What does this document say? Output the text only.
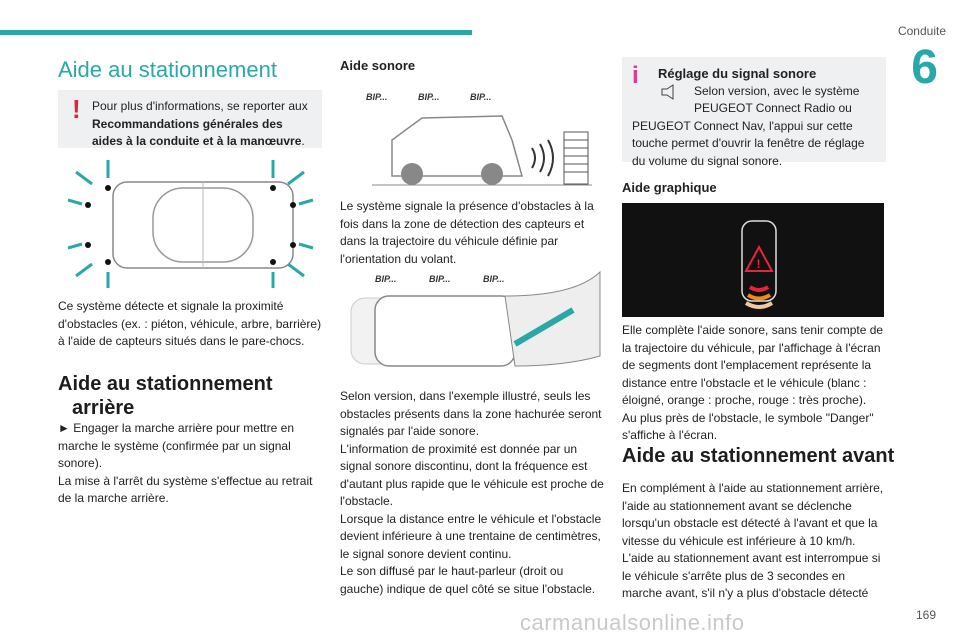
Conduite
6
Aide au stationnement
! Pour plus d'informations, se reporter aux Recommandations générales des aides à la conduite et à la manœuvre.
Ce système détecte et signale la proximité d'obstacles (ex. : piéton, véhicule, arbre, barrière) à l'aide de capteurs situés dans le pare-chocs.
Aide au stationnement
arrière

► Engager la marche arrière pour mettre en marche le système (confirmée par un signal sonore).

La mise à l'arrêt du système s'effectue au retrait de la marche arrière.

Aide sonore
BIP...	BIP...	BIP...
Le système signale la présence d'obstacles à la fois dans la zone de détection des capteurs et dans la trajectoire du véhicule définie par l'orientation du volant.
BIP...	BIP...	BIP...

Selon version, dans l'exemple illustré, seuls les obstacles présents dans la zone hachurée seront signalés par l'aide sonore.

L'information de proximité est donnée par un signal sonore discontinu, dont la fréquence est d'autant plus rapide que le véhicule est proche de l'obstacle.

Lorsque la distance entre le véhicule et l'obstacle devient inférieure à une trentaine de centimètres, le signal sonore devient continu.

Le son diffusé par le haut-parleur (droit ou gauche) indique de quel côté se situe l'obstacle.

i	Réglage du signal sonore
Selon version, avec le système
PEUGEOT Connect Radio ou
PEUGEOT Connect Nav, l'appui sur cette touche permet d'ouvrir la fenêtre de réglage du volume du signal sonore.
Aide graphique
!

Elle complète l'aide sonore, sans tenir compte de la trajectoire du véhicule, par l'affichage à l'écran de segments dont l'emplacement représente la distance entre l'obstacle et le véhicule (blanc : éloigné, orange : proche, rouge : très proche).

Au plus près de l'obstacle, le symbole "Danger" s'affiche à l'écran.

Aide au stationnement avant

En complément à l'aide au stationnement arrière, l'aide au stationnement avant se déclenche lorsqu'un obstacle est détecté à l'avant et que la vitesse du véhicule est inférieure à 10 km/h.

L'aide au stationnement avant est interrompue si le véhicule s'arrête plus de 3 secondes en marche avant, s'il n'y a plus d'obstacle détecté

carmanualsonline.info	169
